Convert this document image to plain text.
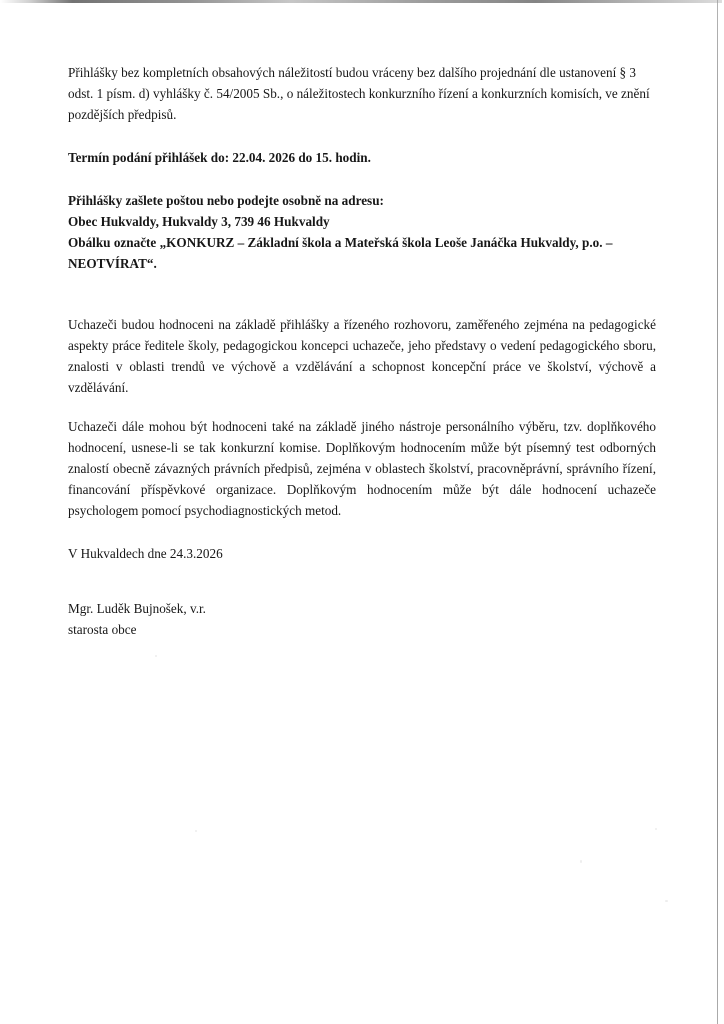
Přihlášky bez kompletních obsahových náležitostí budou vráceny bez dalšího projednání dle ustanovení § 3 odst. 1 písm. d) vyhlášky č. 54/2005 Sb., o náležitostech konkurzního řízení a konkurzních komisích, ve znění pozdějších předpisů.

Termín podání přihlášek do: 22.04. 2026 do 15. hodin.

Přihlášky zašlete poštou nebo podejte osobně na adresu:

Obec Hukvaldy, Hukvaldy 3, 739 46 Hukvaldy

Obálku označte „KONKURZ – Základní škola a Mateřská škola Leoše Janáčka Hukvaldy, p.o. – NEOTVÍRAT“.

Uchazeči budou hodnoceni na základě přihlášky a řízeného rozhovoru, zaměřeného zejména na pedagogické aspekty práce ředitele školy, pedagogickou koncepci uchazeče, jeho představy o vedení pedagogického sboru, znalosti v oblasti trendů ve výchově a vzdělávání a schopnost koncepční práce ve školství, výchově a vzdělávání.

Uchazeči dále mohou být hodnoceni také na základě jiného nástroje personálního výběru, tzv. doplňkového hodnocení, usnese-li se tak konkurzní komise. Doplňkovým hodnocením může být písemný test odborných znalostí obecně závazných právních předpisů, zejména v oblastech školství, pracovněprávní, správního řízení, financování příspěvkové organizace. Doplňkovým hodnocením může být dále hodnocení uchazeče psychologem pomocí psychodiagnostických metod.

V Hukvaldech dne 24.3.2026

Mgr. Luděk Bujnošek, v.r.

starosta obce
